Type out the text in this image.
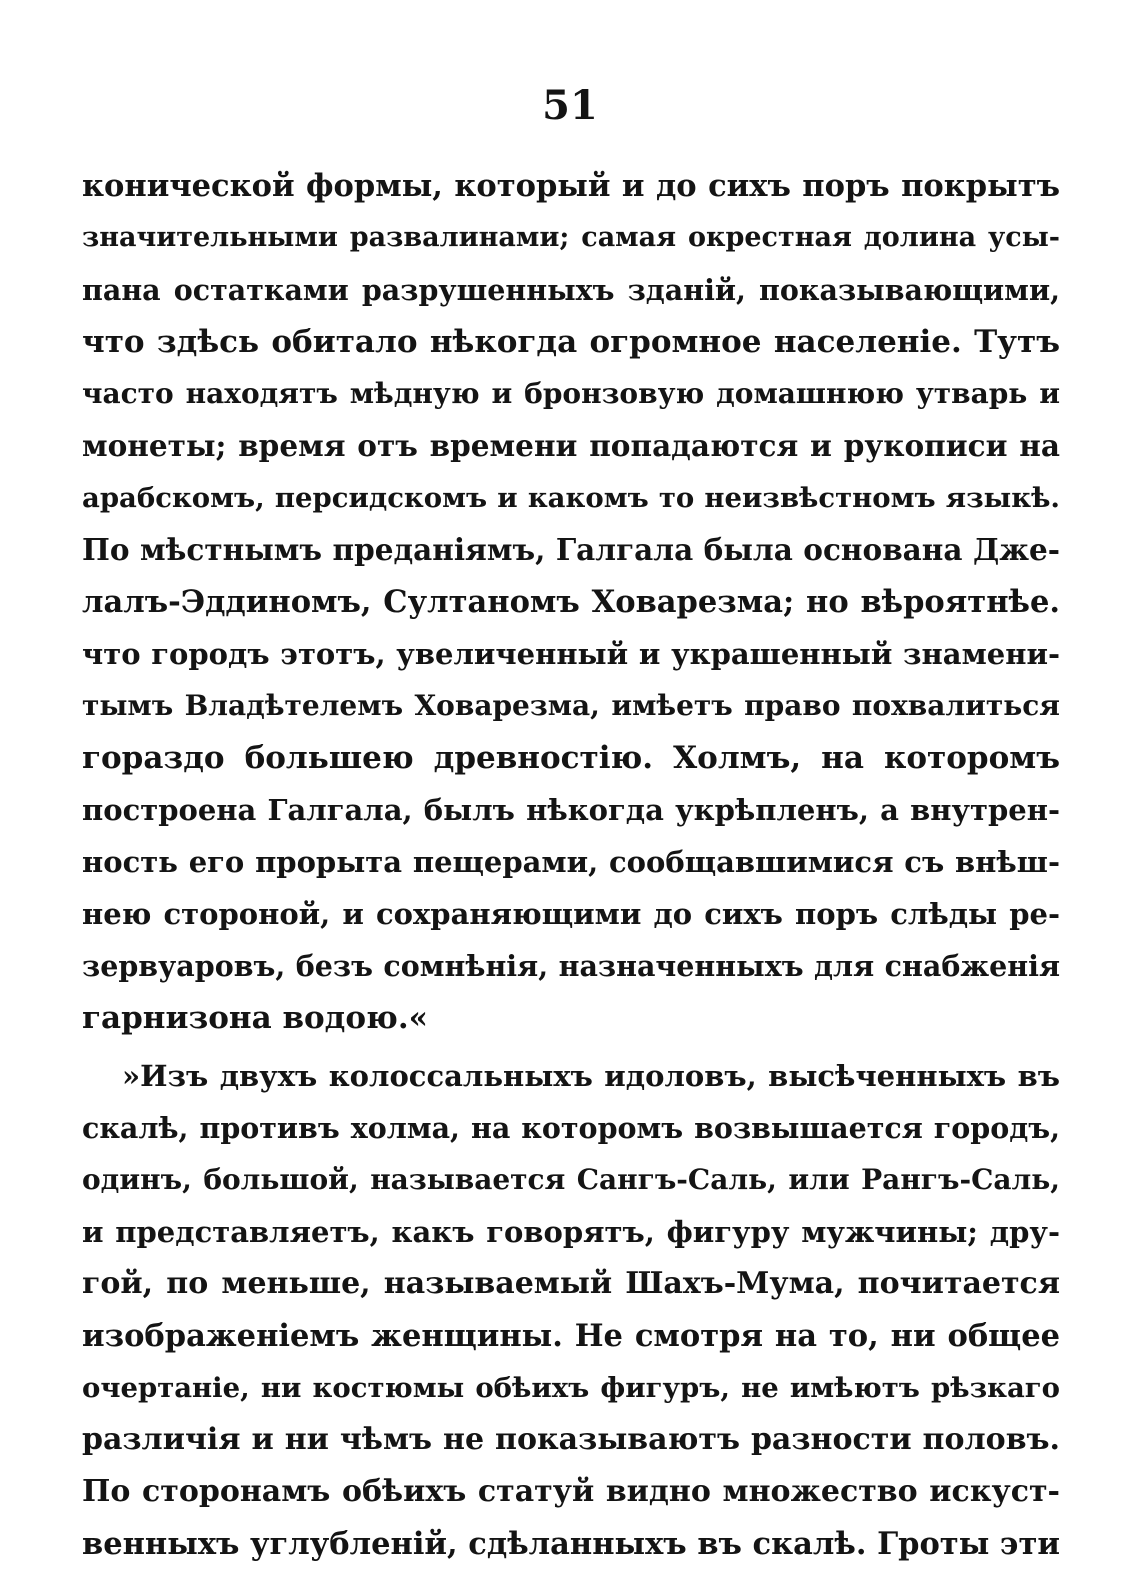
51
конической формы, который и до сихъ поръ покрытъ
значительными развалинами; самая окрестная долина усы-
пана остатками разрушенныхъ зданій, показывающими,
что здѣсь обитало нѣкогда огромное населеніе. Тутъ
часто находятъ мѣдную и бронзовую домашнюю утварь и
монеты; время отъ времени попадаются и рукописи на
арабскомъ, персидскомъ и какомъ то неизвѣстномъ языкѣ.
По мѣстнымъ преданіямъ, Галгала была основана Дже-
лалъ-Эддиномъ, Султаномъ Ховарезма; но вѣроятнѣе.
что городъ этотъ, увеличенный и украшенный знамени-
тымъ Владѣтелемъ Ховарезма, имѣетъ право похвалиться
гораздо большею древностію. Холмъ, на которомъ
построена Галгала, былъ нѣкогда укрѣпленъ, а внутрен-
ность его прорыта пещерами, сообщавшимися съ внѣш-
нею стороной, и сохраняющими до сихъ поръ слѣды ре-
зервуаровъ, безъ сомнѣнія, назначенныхъ для снабженія
гарнизона водою.«
»Изъ двухъ колоссальныхъ идоловъ, высѣченныхъ въ
скалѣ, противъ холма, на которомъ возвышается городъ,
одинъ, большой, называется Сангъ-Саль, или Рангъ-Саль,
и представляетъ, какъ говорятъ, фигуру мужчины; дру-
гой, по меньше, называемый Шахъ-Мума, почитается
изображеніемъ женщины. Не смотря на то, ни общее
очертаніе, ни костюмы обѣихъ фигуръ, не имѣютъ рѣзкаго
различія и ни чѣмъ не показываютъ разности половъ.
По сторонамъ обѣихъ статуй видно множество искуст-
венныхъ углубленій, сдѣланныхъ въ скалѣ. Гроты эти
